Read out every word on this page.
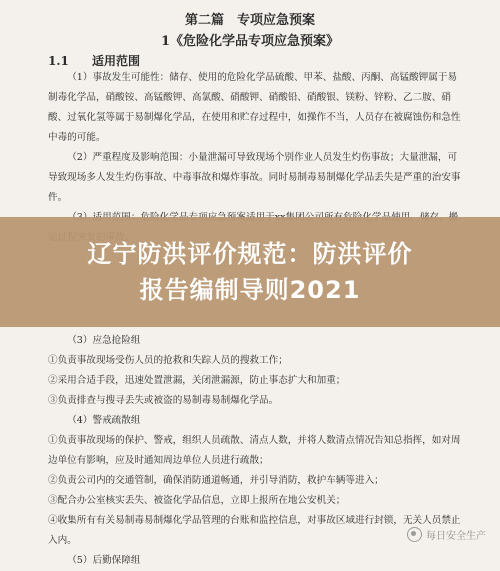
第二篇　专项应急预案
1《危险化学品专项应急预案》
1.1 适用范围

（1）事故发生可能性：储存、使用的危险化学品硫酸、甲苯、盐酸、丙酮、高锰酸钾属于易制毒化学品，硝酸铵、高锰酸钾、高氯酸、硝酸钾、硝酸铅、硝酸银、镁粉、锌粉、乙二胺、硝酸、过氧化氢等属于易制爆化学品，在使用和贮存过程中，如操作不当，人员存在被腐蚀伤和急性中毒的可能。

（2）严重程度及影响范围：小量泄漏可导致现场个别作业人员发生灼伤事故；大量泄漏，可导致现场多人发生灼伤事故、中毒事故和爆炸事故。同时易制毒易制爆化学品丢失是严重的治安事件。

（3）应急抢险组

①负责事故现场受伤人员的抢救和失踪人员的搜救工作；

②采用合适手段，迅速处置泄漏，关闭泄漏源，防止事态扩大和加重；

③负责排查与搜寻丢失或被盗的易制毒易制爆化学品。

（4）警戒疏散组

①负责事故现场的保护、警戒，组织人员疏散、清点人数，并将人数清点情况告知总指挥，如对周边单位有影响，应及时通知周边单位人员进行疏散；

②负责公司内的交通管制，确保消防通道畅通，并引导消防，救护车辆等进入；

③配合办公室核实丢失、被盗化学品信息，立即上报所在地公安机关；

④收集所有有关易制毒易制爆化学品管理的台账和监控信息，对事故区域进行封锁，无关人员禁止入内。

（5）后勤保障组

辽宁防洪评价规范：防洪评价
报告编制导则2021
每日安全生产
